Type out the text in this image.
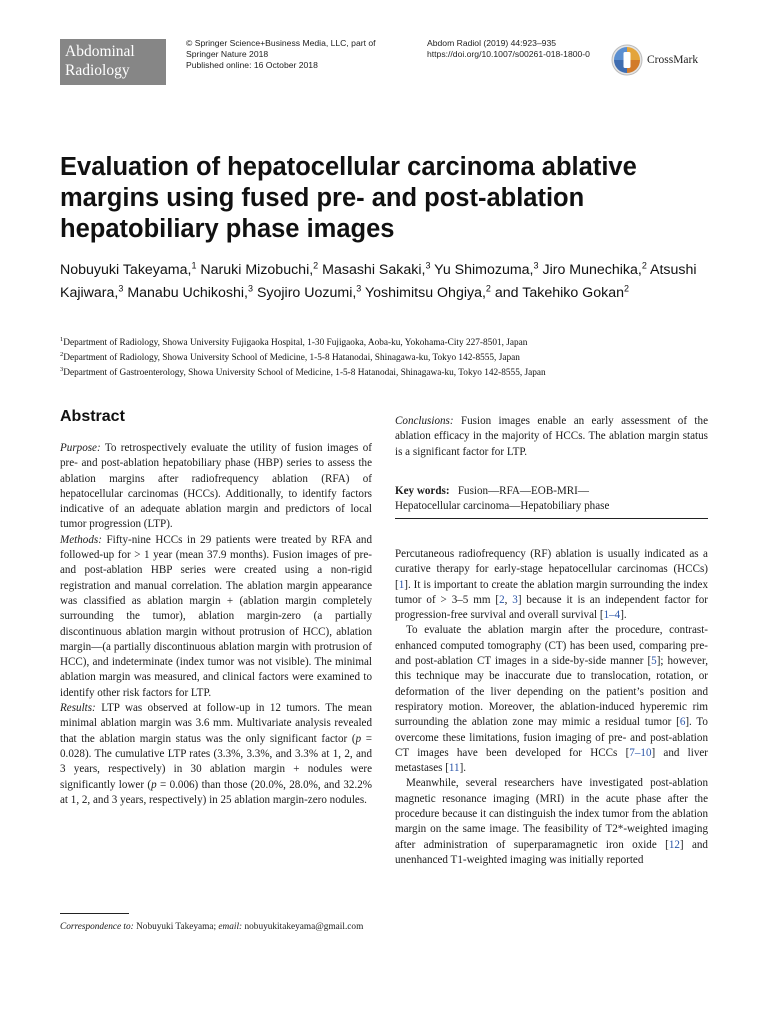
Abdominal
Radiology
© Springer Science+Business Media, LLC, part of
Springer Nature 2018
Published online: 16 October 2018
Abdom Radiol (2019) 44:923–935
https://doi.org/10.1007/s00261-018-1800-0	CrossMark
Evaluation of hepatocellular carcinoma ablative margins using fused pre- and post-ablation hepatobiliary phase images
Nobuyuki Takeyama,$^1$ Naruki Mizobuchi,$^2$ Masashi Sakaki,$^3$ Yu Shimozuma,$^3$ Jiro Munechika,$^2$ Atsushi Kajiwara,$^3$ Manabu Uchikoshi,$^3$ Syojiro Uozumi,$^3$ Yoshimitsu Ohgiya,$^2$ and Takehiko Gokan$^2$
$^1$Department of Radiology, Showa University Fujigaoka Hospital, 1-30 Fujigaoka, Aoba-ku, Yokohama-City 227-8501, Japan
$^2$Department of Radiology, Showa University School of Medicine, 1-5-8 Hatanodai, Shinagawa-ku, Tokyo 142-8555, Japan
$^3$Department of Gastroenterology, Showa University School of Medicine, 1-5-8 Hatanodai, Shinagawa-ku, Tokyo 142-8555, Japan
Abstract

Purpose: To retrospectively evaluate the utility of fusion images of pre- and post-ablation hepatobiliary phase (HBP) series to assess the ablation margins after radiofrequency ablation (RFA) of hepatocellular carcinomas (HCCs). Additionally, to identify factors indicative of an adequate ablation margin and predictors of local tumor progression (LTP).

Methods: Fifty-nine HCCs in 29 patients were treated by RFA and followed-up for > 1 year (mean 37.9 months). Fusion images of pre- and post-ablation HBP series were created using a non-rigid registration and manual correlation. The ablation margin appearance was classified as ablation margin + (ablation margin completely surrounding the tumor), ablation margin-zero (a partially discontinuous ablation margin without protrusion of HCC), ablation margin—(a partially discontinuous ablation margin with protrusion of HCC), and indeterminate (index tumor was not visible). The minimal ablation margin was measured, and clinical factors were examined to identify other risk factors for LTP.

Results: LTP was observed at follow-up in 12 tumors. The mean minimal ablation margin was 3.6 mm. Multivariate analysis revealed that the ablation margin status was the only significant factor (p = 0.028). The cumulative LTP rates (3.3%, 3.3%, and 3.3% at 1, 2, and 3 years, respectively) in 30 ablation margin + nodules were significantly lower (p = 0.006) than those (20.0%, 28.0%, and 32.2% at 1, 2, and 3 years, respectively) in 25 ablation margin-zero nodules.

Conclusions: Fusion images enable an early assessment of the ablation efficacy in the majority of HCCs. The ablation margin status is a significant factor for LTP.

Key words: Fusion—RFA—EOB-MRI—
Hepatocellular carcinoma—Hepatobiliary phase

Percutaneous radiofrequency (RF) ablation is usually indicated as a curative therapy for early-stage hepatocellular carcinomas (HCCs) [1]. It is important to create the ablation margin surrounding the index tumor of > 3–5 mm [2, 3] because it is an independent factor for progression-free survival and overall survival [1–4].

To evaluate the ablation margin after the procedure, contrast-enhanced computed tomography (CT) has been used, comparing pre-and post-ablation CT images in a side-by-side manner [5]; however, this technique may be inaccurate due to translocation, rotation, or deformation of the liver depending on the patient’s position and respiratory motion. Moreover, the ablation-induced hyperemic rim surrounding the ablation zone may mimic a residual tumor [6]. To overcome these limitations, fusion imaging of pre- and post-ablation CT images have been developed for HCCs [7–10] and liver metastases [11].

Meanwhile, several researchers have investigated post-ablation magnetic resonance imaging (MRI) in the acute phase after the procedure because it can distinguish the index tumor from the ablation margin on the same image. The feasibility of T2*-weighted imaging after administration of superparamagnetic iron oxide [12] and unenhanced T1-weighted imaging was initially reported

Correspondence to: Nobuyuki Takeyama; email: nobuyukitakeyama@gmail.com
